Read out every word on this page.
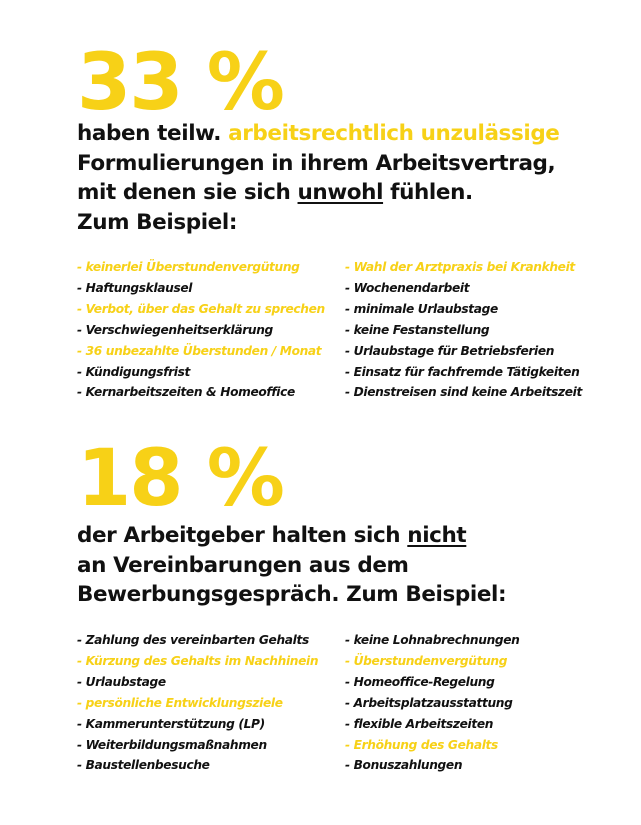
33 %
haben teilw. arbeitsrechtlich unzulässige
Formulierungen in ihrem Arbeitsvertrag,
mit denen sie sich unwohl fühlen.
Zum Beispiel:
- keinerlei Überstundenvergütung
- Haftungsklausel
- Verbot, über das Gehalt zu sprechen
- Verschwiegenheitserklärung
- 36 unbezahlte Überstunden / Monat
- Kündigungsfrist
- Kernarbeitszeiten & Homeoffice
- Wahl der Arztpraxis bei Krankheit
- Wochenendarbeit
- minimale Urlaubstage
- keine Festanstellung
- Urlaubstage für Betriebsferien
- Einsatz für fachfremde Tätigkeiten
- Dienstreisen sind keine Arbeitszeit
18 %
der Arbeitgeber halten sich nicht
an Vereinbarungen aus dem
Bewerbungsgespräch. Zum Beispiel:
- Zahlung des vereinbarten Gehalts
- Kürzung des Gehalts im Nachhinein
- Urlaubstage
- persönliche Entwicklungsziele
- Kammerunterstützung (LP)
- Weiterbildungsmaßnahmen
- Baustellenbesuche
- keine Lohnabrechnungen
- Überstundenvergütung
- Homeoffice-Regelung
- Arbeitsplatzausstattung
- flexible Arbeitszeiten
- Erhöhung des Gehalts
- Bonuszahlungen
